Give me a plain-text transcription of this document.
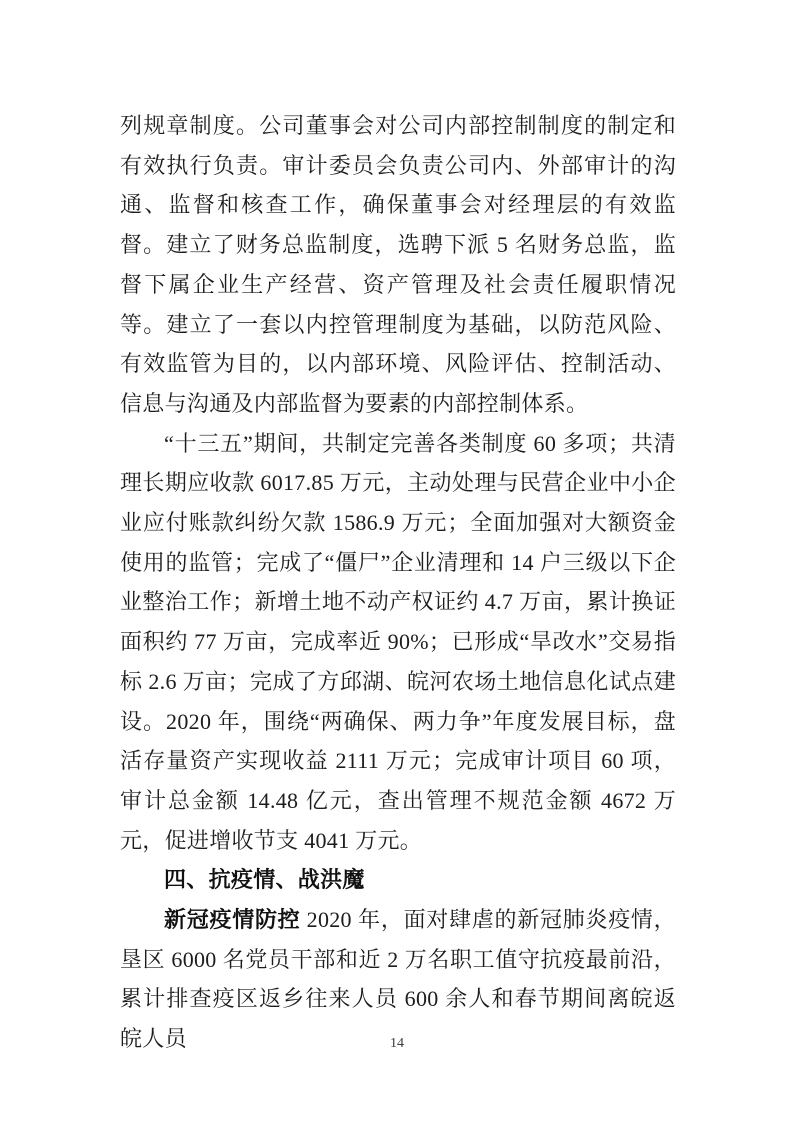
列规章制度。公司董事会对公司内部控制制度的制定和有效执行负责。审计委员会负责公司内、外部审计的沟通、监督和核查工作，确保董事会对经理层的有效监督。建立了财务总监制度，选聘下派 5 名财务总监，监督下属企业生产经营、资产管理及社会责任履职情况等。建立了一套以内控管理制度为基础，以防范风险、有效监管为目的，以内部环境、风险评估、控制活动、信息与沟通及内部监督为要素的内部控制体系。

“十三五”期间，共制定完善各类制度 60 多项；共清理长期应收款 6017.85 万元，主动处理与民营企业中小企业应付账款纠纷欠款 1586.9 万元；全面加强对大额资金使用的监管；完成了“僵尸”企业清理和 14 户三级以下企业整治工作；新增土地不动产权证约 4.7 万亩，累计换证面积约 77 万亩，完成率近 90%；已形成“旱改水”交易指标 2.6 万亩；完成了方邱湖、皖河农场土地信息化试点建设。2020 年，围绕“两确保、两力争”年度发展目标，盘活存量资产实现收益 2111 万元；完成审计项目 60 项，审计总金额 14.48 亿元，查出管理不规范金额 4672 万元，促进增收节支 4041 万元。

四、抗疫情、战洪魔

新冠疫情防控 2020 年，面对肆虐的新冠肺炎疫情，垦区 6000 名党员干部和近 2 万名职工值守抗疫最前沿，累计排查疫区返乡往来人员 600 余人和春节期间离皖返皖人员	14
